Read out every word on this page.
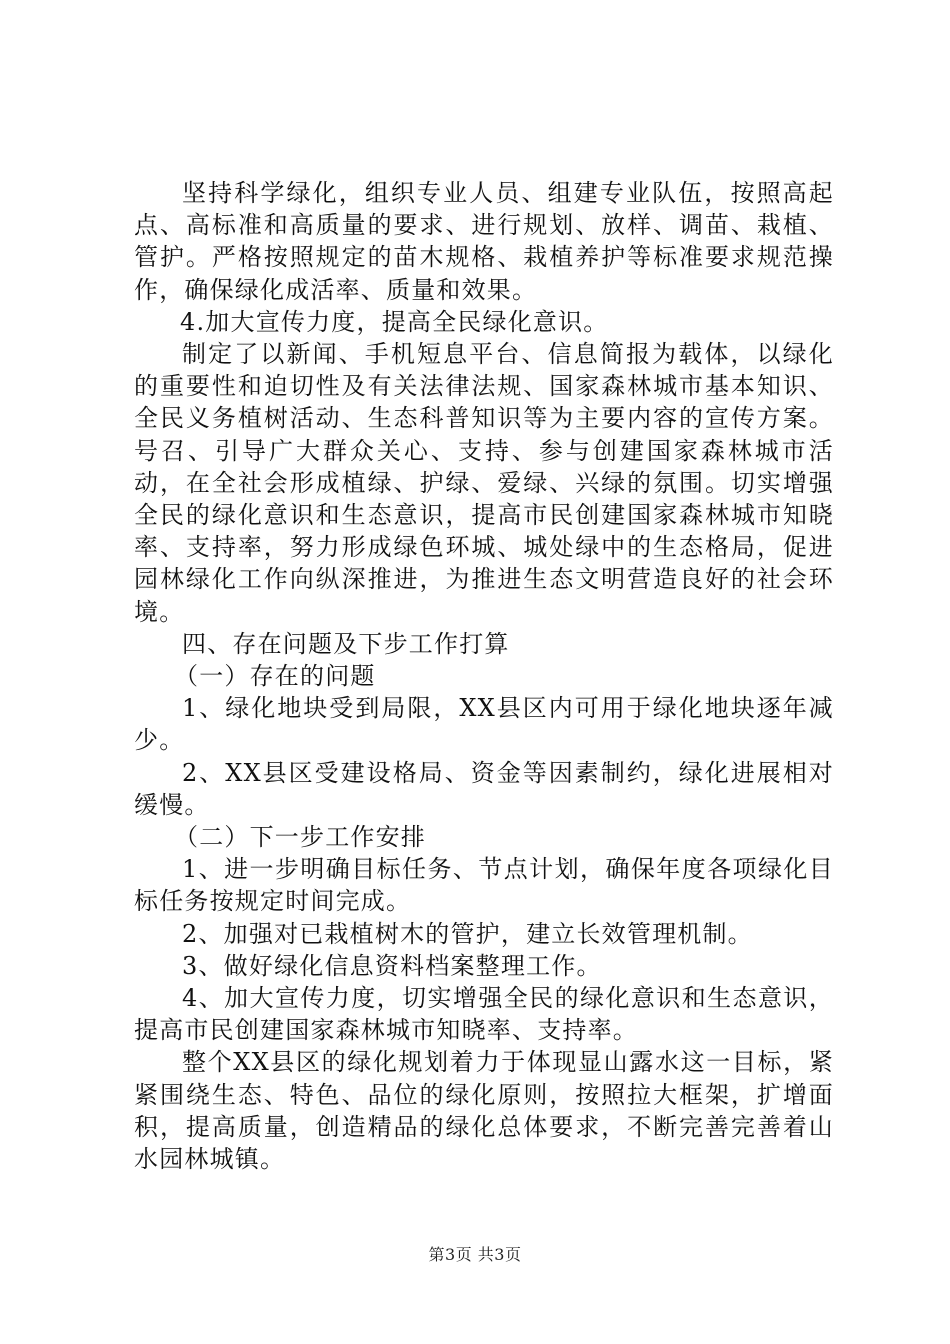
坚持科学绿化，组织专业人员、组建专业队伍，按照高起点、高标准和高质量的要求、进行规划、放样、调苗、栽植、管护。严格按照规定的苗木规格、栽植养护等标准要求规范操作，确保绿化成活率、质量和效果。

4.加大宣传力度，提高全民绿化意识。

制定了以新闻、手机短息平台、信息简报为载体，以绿化的重要性和迫切性及有关法律法规、国家森林城市基本知识、全民义务植树活动、生态科普知识等为主要内容的宣传方案。号召、引导广大群众关心、支持、参与创建国家森林城市活动，在全社会形成植绿、护绿、爱绿、兴绿的氛围。切实增强全民的绿化意识和生态意识，提高市民创建国家森林城市知晓率、支持率，努力形成绿色环城、城处绿中的生态格局，促进园林绿化工作向纵深推进，为推进生态文明营造良好的社会环境。

四、存在问题及下步工作打算

（一）存在的问题

1、绿化地块受到局限，XX县区内可用于绿化地块逐年减少。

2、XX县区受建设格局、资金等因素制约，绿化进展相对缓慢。

（二）下一步工作安排

1、进一步明确目标任务、节点计划，确保年度各项绿化目标任务按规定时间完成。

2、加强对已栽植树木的管护，建立长效管理机制。

3、做好绿化信息资料档案整理工作。

4、加大宣传力度，切实增强全民的绿化意识和生态意识，提高市民创建国家森林城市知晓率、支持率。

整个XX县区的绿化规划着力于体现显山露水这一目标，紧紧围绕生态、特色、品位的绿化原则，按照拉大框架，扩增面积，提高质量，创造精品的绿化总体要求，不断完善完善着山水园林城镇。

第3页 共3页
